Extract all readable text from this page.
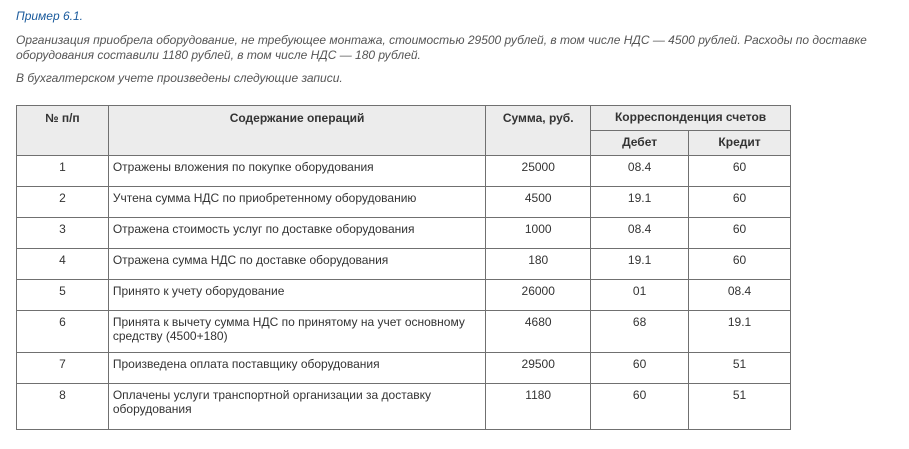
Пример 6.1.
Организация приобрела оборудование, не требующее монтажа, стоимостью 29500 рублей, в том числе НДС — 4500 рублей. Расходы по доставке оборудования составили 1180 рублей, в том числе НДС — 180 рублей.
В бухгалтерском учете произведены следующие записи.
№ п/п	Содержание операций	Сумма, руб.	Корреспонденция счетов	
			Дебет	Кредит
1	Отражены вложения по покупке оборудования	25000	08.4	60
2	Учтена сумма НДС по приобретенному оборудованию	4500	19.1	60
3	Отражена стоимость услуг по доставке оборудования	1000	08.4	60
4	Отражена сумма НДС по доставке оборудования	180	19.1	60
5	Принято к учету оборудование	26000	01	08.4
6	Принята к вычету сумма НДС по принятому на учет основному средству (4500+180)	4680	68	19.1
7	Произведена оплата поставщику оборудования	29500	60	51
8	Оплачены услуги транспортной организации за доставку оборудования	1180	60	51
